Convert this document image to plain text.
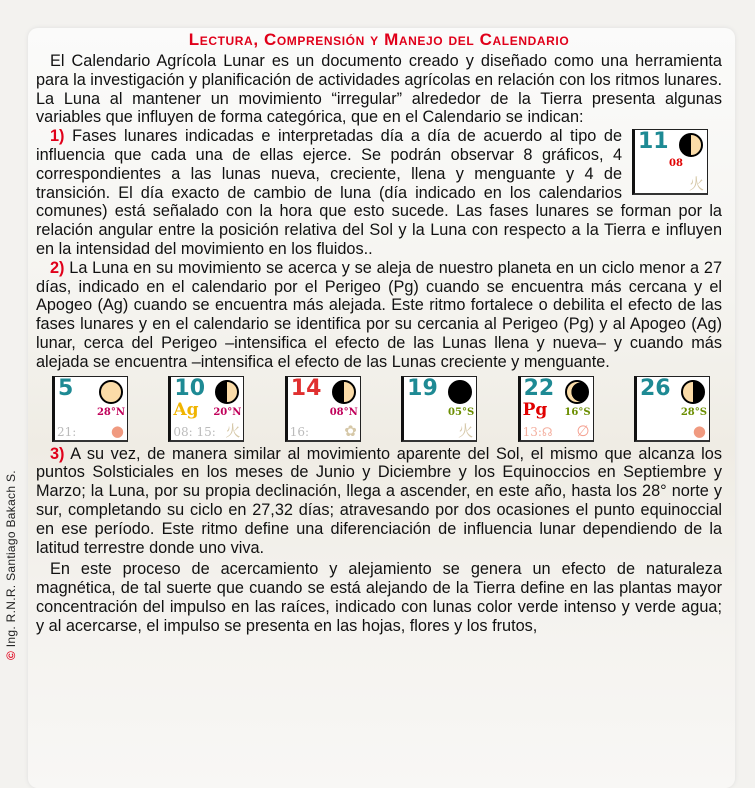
© Ing. R.N.R. Santiago Bakach S.
Lectura, Comprensión y Manejo del Calendario

El Calendario Agrícola Lunar es un documento creado y diseñado como una herramienta para la investigación y planificación de actividades agrícolas en relación con los ritmos lunares. La Luna al mantener un movimiento “irregular” alrededor de la Tierra presenta algunas variables que influyen de forma categórica, que en el Calendario se indican:

11
08
⽕
1) Fases lunares indicadas e interpretadas día a día de acuerdo al tipo de influencia que cada una de ellas ejerce. Se podrán observar 8 gráficos, 4 correspondientes a las lunas nueva, creciente, llena y menguante y 4 de transición. El día exacto de cambio de luna (día indicado en los calendarios comunes) está señalado con la hora que esto sucede. Las fases lunares se forman por la relación angular entre la posición relativa del Sol y la Luna con respecto a la Tierra e influyen en la intensidad del movimiento en los fluidos..

2) La Luna en su movimiento se acerca y se aleja de nuestro planeta en un ciclo menor a 27 días, indicado en el calendario por el Perigeo (Pg) cuando se encuentra más cercana y el Apogeo (Ag) cuando se encuentra más alejada. Este ritmo fortalece o debilita el efecto de las fases lunares y en el calendario se identifica por su cercania al Perigeo (Pg) y al Apogeo (Ag) lunar, cerca del Perigeo –intensifica el efecto de las Lunas llena y nueva– y cuando más alejada se encuentra –intensifica el efecto de las Lunas creciente y menguante.

5
28°N
21: ●
10
20°N
Ag
08: 15: ⽕
14
08°N
16: ✿
19
05°S
⽕
22
16°S
Pg
13:☊ ∅
26
28°S
●

3) A su vez, de manera similar al movimiento aparente del Sol, el mismo que alcanza los puntos Solsticiales en los meses de Junio y Diciembre y los Equinoccios en Septiembre y Marzo; la Luna, por su propia declinación, llega a ascender, en este año, hasta los 28° norte y sur, completando su ciclo en 27,32 días; atravesando por dos ocasiones el punto equinoccial en ese período. Este ritmo define una diferenciación de influencia lunar dependiendo de la latitud terrestre donde uno viva.

En este proceso de acercamiento y alejamiento se genera un efecto de naturaleza magnética, de tal suerte que cuando se está alejando de la Tierra define en las plantas mayor concentración del impulso en las raíces, indicado con lunas color verde intenso y verde agua; y al acercarse, el impulso se presenta en las hojas, flores y los frutos,
